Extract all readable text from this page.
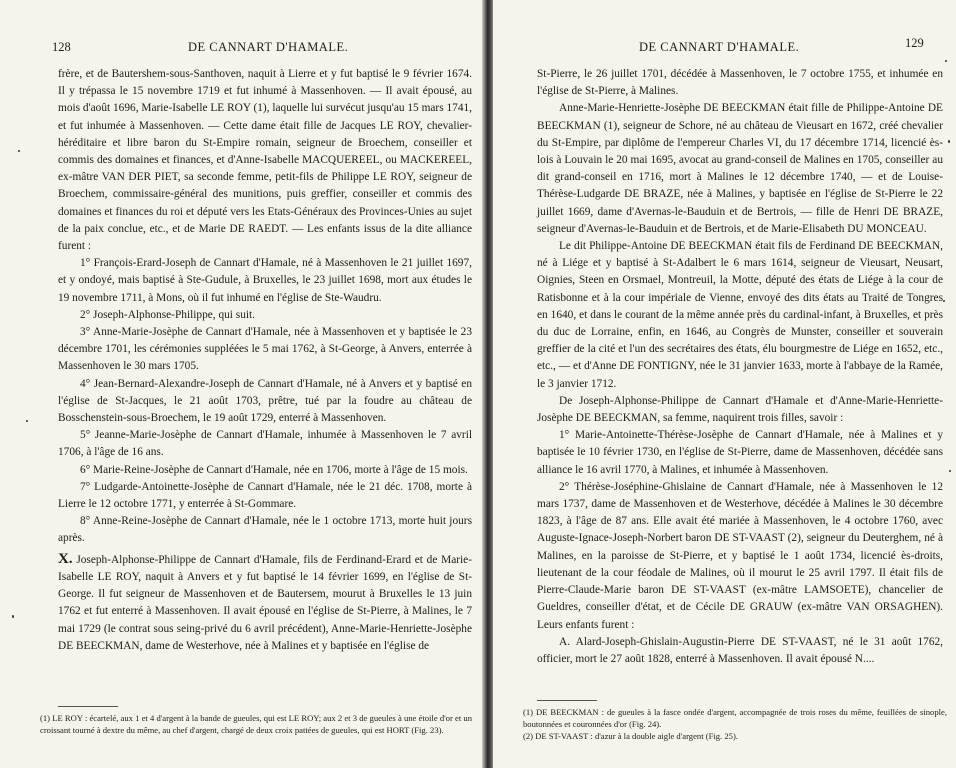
128	DE CANNART D'HAMALE.

frère, et de Bautershem-sous-Santhoven, naquit à Lierre et y fut baptisé le 9 février 1674. Il y trépassa le 15 novembre 1719 et fut inhumé à Massenhoven. — Il avait épousé, au mois d'août 1696, Marie-Isabelle LE ROY (1), laquelle lui survécut jusqu'au 15 mars 1741, et fut inhumée à Massenhoven. — Cette dame était fille de Jacques LE ROY, chevalier-héréditaire et libre baron du St-Empire romain, seigneur de Broechem, conseiller et commis des domaines et finances, et d'Anne-Isabelle MACQUEREEL, ou MACKEREEL, ex-mâtre VAN DER PIET, sa seconde femme, petit-fils de Philippe LE ROY, seigneur de Broechem, commissaire-général des munitions, puis greffier, conseiller et commis des domaines et finances du roi et député vers les Etats-Généraux des Provinces-Unies au sujet de la paix conclue, etc., et de Marie DE RAEDT. — Les enfants issus de la dite alliance furent :

1° François-Erard-Joseph de Cannart d'Hamale, né à Massenhoven le 21 juillet 1697, et y ondoyé, mais baptisé à Ste-Gudule, à Bruxelles, le 23 juillet 1698, mort aux études le 19 novembre 1711, à Mons, où il fut inhumé en l'église de Ste-Waudru.

2° Joseph-Alphonse-Philippe, qui suit.

3° Anne-Marie-Josèphe de Cannart d'Hamale, née à Massenhoven et y baptisée le 23 décembre 1701, les cérémonies suppléées le 5 mai 1762, à St-George, à Anvers, enterrée à Massenhoven le 30 mars 1705.

4° Jean-Bernard-Alexandre-Joseph de Cannart d'Hamale, né à Anvers et y baptisé en l'église de St-Jacques, le 21 août 1703, prêtre, tué par la foudre au château de Bosschenstein-sous-Broechem, le 19 août 1729, enterré à Massenhoven.

5° Jeanne-Marie-Josèphe de Cannart d'Hamale, inhumée à Massenhoven le 7 avril 1706, à l'âge de 16 ans.

6° Marie-Reine-Josèphe de Cannart d'Hamale, née en 1706, morte à l'âge de 15 mois.

7° Ludgarde-Antoinette-Josèphe de Cannart d'Hamale, née le 21 déc. 1708, morte à Lierre le 12 octobre 1771, y enterrée à St-Gommare.

8° Anne-Reine-Josèphe de Cannart d'Hamale, née le 1 octobre 1713, morte huit jours après.

X. Joseph-Alphonse-Philippe de Cannart d'Hamale, fils de Ferdinand-Erard et de Marie-Isabelle LE ROY, naquit à Anvers et y fut baptisé le 14 février 1699, en l'église de St-George. Il fut seigneur de Massenhoven et de Bautersem, mourut à Bruxelles le 13 juin 1762 et fut enterré à Massenhoven. Il avait épousé en l'église de St-Pierre, à Malines, le 7 mai 1729 (le contrat sous seing-privé du 6 avril précédent), Anne-Marie-Henriette-Josèphe DE BEECKMAN, dame de Westerhove, née à Malines et y baptisée en l'église de

(1) LE ROY : écartelé, aux 1 et 4 d'argent à la bande de gueules, qui est LE ROY; aux 2 et 3 de gueules à une étoile d'or et un croissant tourné à dextre du même, au chef d'argent, chargé de deux croix pattées de gueules, qui est HORT (Fig. 23).

DE CANNART D'HAMALE.	129

St-Pierre, le 26 juillet 1701, décédée à Massenhoven, le 7 octobre 1755, et inhumée en l'église de St-Pierre, à Malines.

Anne-Marie-Henriette-Josèphe DE BEECKMAN était fille de Philippe-Antoine DE BEECKMAN (1), seigneur de Schore, né au château de Vieusart en 1672, créé chevalier du St-Empire, par diplôme de l'empereur Charles VI, du 17 décembre 1714, licencié ès-lois à Louvain le 20 mai 1695, avocat au grand-conseil de Malines en 1705, conseiller au dit grand-conseil en 1716, mort à Malines le 12 décembre 1740, — et de Louise-Thérèse-Ludgarde DE BRAZE, née à Malines, y baptisée en l'église de St-Pierre le 22 juillet 1669, dame d'Avernas-le-Bauduin et de Bertrois, — fille de Henri DE BRAZE, seigneur d'Avernas-le-Bauduin et de Bertrois, et de Marie-Elisabeth DU MONCEAU.

Le dit Philippe-Antoine DE BEECKMAN était fils de Ferdinand DE BEECKMAN, né à Liége et y baptisé à St-Adalbert le 6 mars 1614, seigneur de Vieusart, Neusart, Oignies, Steen en Orsmael, Montreuil, la Motte, député des états de Liége à la cour de Ratisbonne et à la cour impériale de Vienne, envoyé des dits états au Traité de Tongres en 1640, et dans le courant de la même année près du cardinal-infant, à Bruxelles, et près du duc de Lorraine, enfin, en 1646, au Congrès de Munster, conseiller et souverain greffier de la cité et l'un des secrétaires des états, élu bourgmestre de Liége en 1652, etc., etc., — et d'Anne DE FONTIGNY, née le 31 janvier 1633, morte à l'abbaye de la Ramée, le 3 janvier 1712.

De Joseph-Alphonse-Philippe de Cannart d'Hamale et d'Anne-Marie-Henriette-Josèphe DE BEECKMAN, sa femme, naquirent trois filles, savoir :

1° Marie-Antoinette-Thérèse-Josèphe de Cannart d'Hamale, née à Malines et y baptisée le 10 février 1730, en l'église de St-Pierre, dame de Massenhoven, décédée sans alliance le 16 avril 1770, à Malines, et inhumée à Massenhoven.

2° Thérèse-Joséphine-Ghislaine de Cannart d'Hamale, née à Massenhoven le 12 mars 1737, dame de Massenhoven et de Westerhove, décédée à Malines le 30 décembre 1823, à l'âge de 87 ans. Elle avait été mariée à Massenhoven, le 4 octobre 1760, avec Auguste-Ignace-Joseph-Norbert baron DE ST-VAAST (2), seigneur du Deuterghem, né à Malines, en la paroisse de St-Pierre, et y baptisé le 1 août 1734, licencié ès-droits, lieutenant de la cour féodale de Malines, où il mourut le 25 avril 1797. Il était fils de Pierre-Claude-Marie baron DE ST-VAAST (ex-mâtre LAMSOETE), chancelier de Gueldres, conseiller d'état, et de Cécile DE GRAUW (ex-mâtre VAN ORSAGHEN). Leurs enfants furent :

A. Alard-Joseph-Ghislain-Augustin-Pierre DE ST-VAAST, né le 31 août 1762, officier, mort le 27 août 1828, enterré à Massenhoven. Il avait épousé N....

(1) DE BEECKMAN : de gueules à la fasce ondée d'argent, accompagnée de trois roses du même, feuillées de sinople, boutonnées et couronnées d'or (Fig. 24).

(2) DE ST-VAAST : d'azur à la double aigle d'argent (Fig. 25).
